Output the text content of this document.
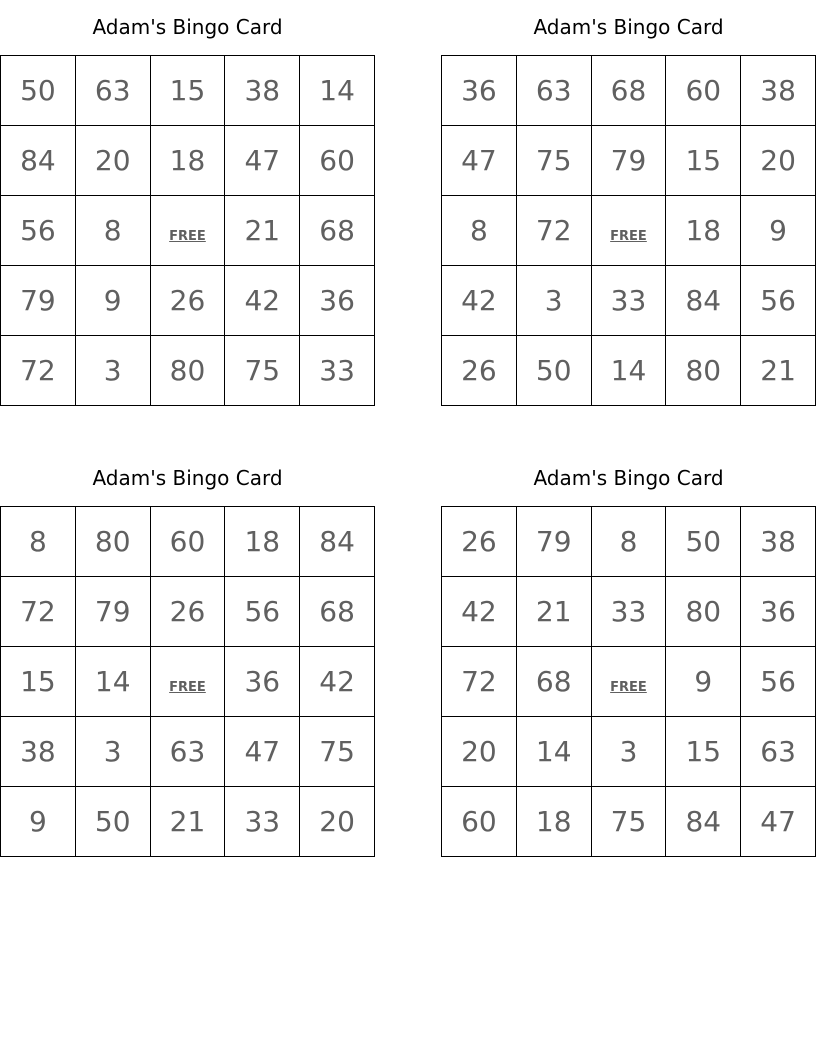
Adam's Bingo Card
50	63	15	38	14
84	20	18	47	60
56	8	FREE	21	68
79	9	26	42	36
72	3	80	75	33
Adam's Bingo Card
36	63	68	60	38
47	75	79	15	20
8	72	FREE	18	9
42	3	33	84	56
26	50	14	80	21
Adam's Bingo Card
8	80	60	18	84
72	79	26	56	68
15	14	FREE	36	42
38	3	63	47	75
9	50	21	33	20
Adam's Bingo Card
26	79	8	50	38
42	21	33	80	36
72	68	FREE	9	56
20	14	3	15	63
60	18	75	84	47
